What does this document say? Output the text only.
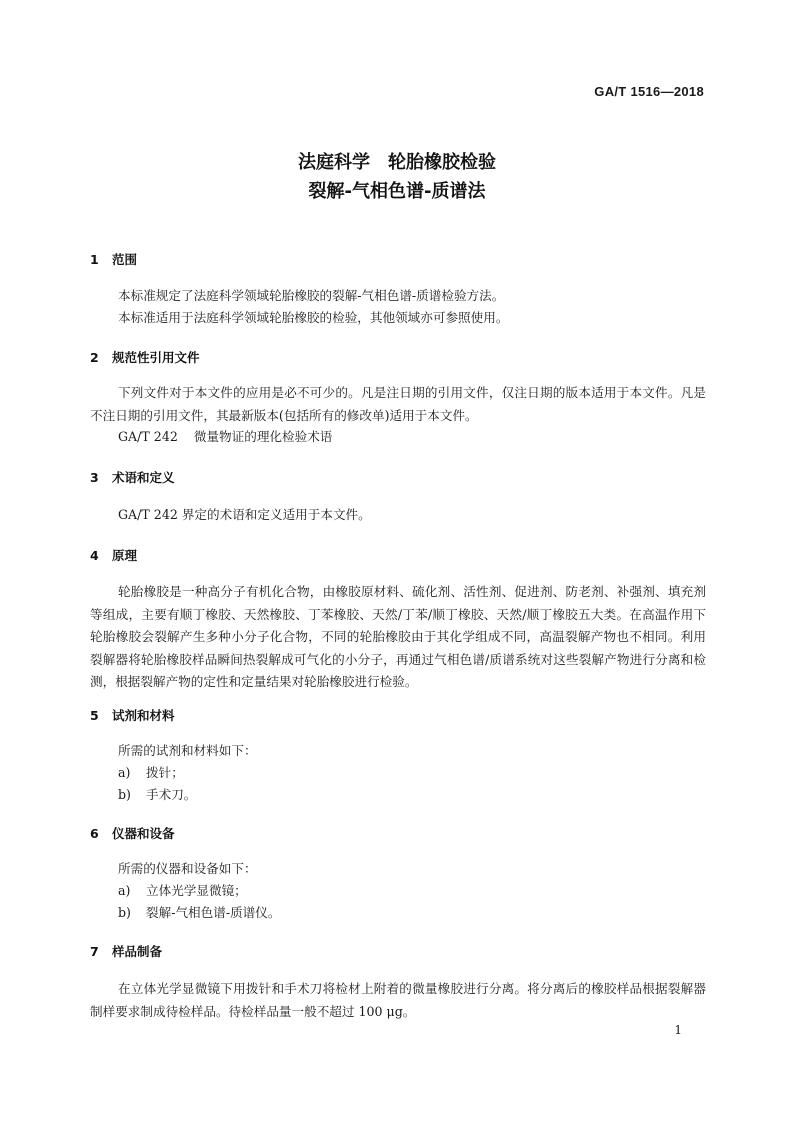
GA/T 1516—2018
法庭科学 轮胎橡胶检验
裂解-气相色谱-质谱法
1 范围
本标准规定了法庭科学领域轮胎橡胶的裂解-气相色谱-质谱检验方法。
本标准适用于法庭科学领域轮胎橡胶的检验，其他领域亦可参照使用。
2 规范性引用文件
下列文件对于本文件的应用是必不可少的。凡是注日期的引用文件，仅注日期的版本适用于本文件。凡是不注日期的引用文件，其最新版本(包括所有的修改单)适用于本文件。
GA/T 242 微量物证的理化检验术语
3 术语和定义
GA/T 242 界定的术语和定义适用于本文件。
4 原理
轮胎橡胶是一种高分子有机化合物，由橡胶原材料、硫化剂、活性剂、促进剂、防老剂、补强剂、填充剂等组成，主要有顺丁橡胶、天然橡胶、丁苯橡胶、天然/丁苯/顺丁橡胶、天然/顺丁橡胶五大类。在高温作用下轮胎橡胶会裂解产生多种小分子化合物，不同的轮胎橡胶由于其化学组成不同，高温裂解产物也不相同。利用裂解器将轮胎橡胶样品瞬间热裂解成可气化的小分子，再通过气相色谱/质谱系统对这些裂解产物进行分离和检测，根据裂解产物的定性和定量结果对轮胎橡胶进行检验。
5 试剂和材料
所需的试剂和材料如下：
a) 拨针；
b) 手术刀。
6 仪器和设备
所需的仪器和设备如下：
a) 立体光学显微镜；
b) 裂解-气相色谱-质谱仪。
7 样品制备
在立体光学显微镜下用拨针和手术刀将检材上附着的微量橡胶进行分离。将分离后的橡胶样品根据裂解器制样要求制成待检样品。待检样品量一般不超过 100 μg。
1
